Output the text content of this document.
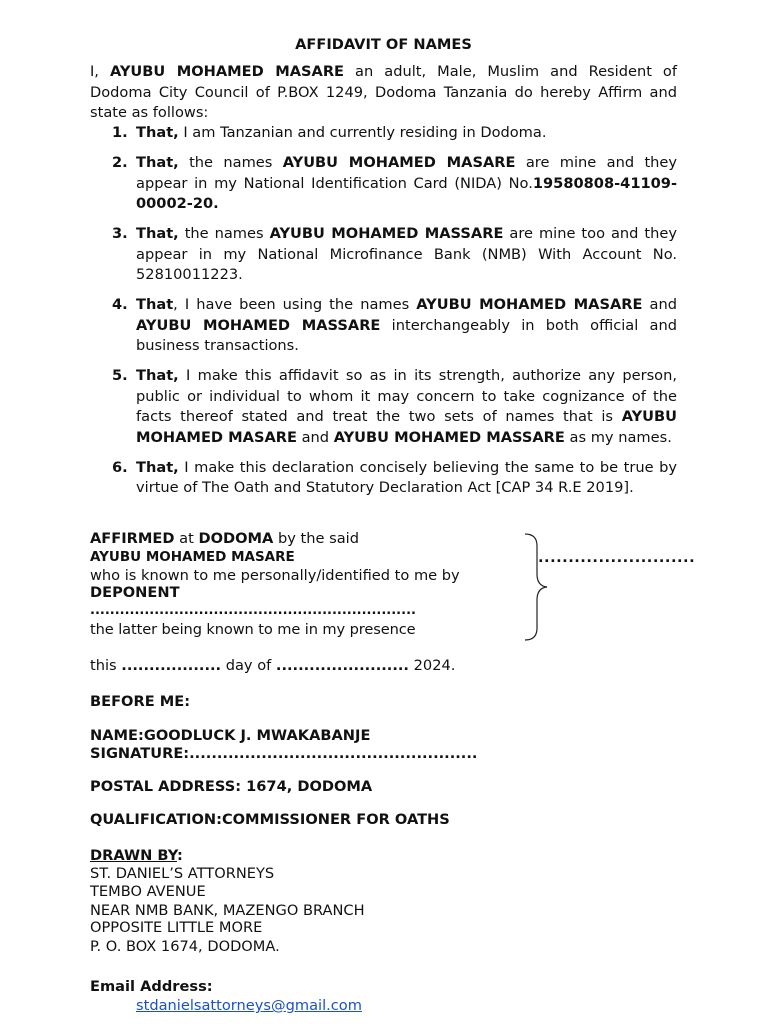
AFFIDAVIT OF NAMES
I, AYUBU MOHAMED MASARE an adult, Male, Muslim and Resident of Dodoma City Council of P.BOX 1249, Dodoma Tanzania do hereby Affirm and state as follows:
1. That, I am Tanzanian and currently residing in Dodoma.
2. That, the names AYUBU MOHAMED MASARE are mine and they appear in my National Identification Card (NIDA) No.19580808-41109-00002-20.
3. That, the names AYUBU MOHAMED MASSARE are mine too and they appear in my National Microfinance Bank (NMB) With Account No. 52810011223.
4. That, I have been using the names AYUBU MOHAMED MASARE and AYUBU MOHAMED MASSARE interchangeably in both official and business transactions.
5. That, I make this affidavit so as in its strength, authorize any person, public or individual to whom it may concern to take cognizance of the facts thereof stated and treat the two sets of names that is AYUBU MOHAMED MASARE and AYUBU MOHAMED MASSARE as my names.
6. That, I make this declaration concisely believing the same to be true by virtue of The Oath and Statutory Declaration Act [CAP 34 R.E 2019].
AFFIRMED at DODOMA by the said
AYUBU MOHAMED MASARE	..........................
who is known to me personally/identified to me by
DEPONENT
..................................................................
the latter being known to me in my presence
this .................. day of ........................ 2024.
BEFORE ME:
NAME:GOODLUCK J. MWAKABANJE
SIGNATURE:....................................................
POSTAL ADDRESS: 1674, DODOMA
QUALIFICATION:COMMISSIONER FOR OATHS
DRAWN BY:
ST. DANIEL’S ATTORNEYS
TEMBO AVENUE
NEAR NMB BANK, MAZENGO BRANCH
OPPOSITE LITTLE MORE
P. O. BOX 1674, DODOMA.
Email Address:
stdanielsattorneys@gmail.com
